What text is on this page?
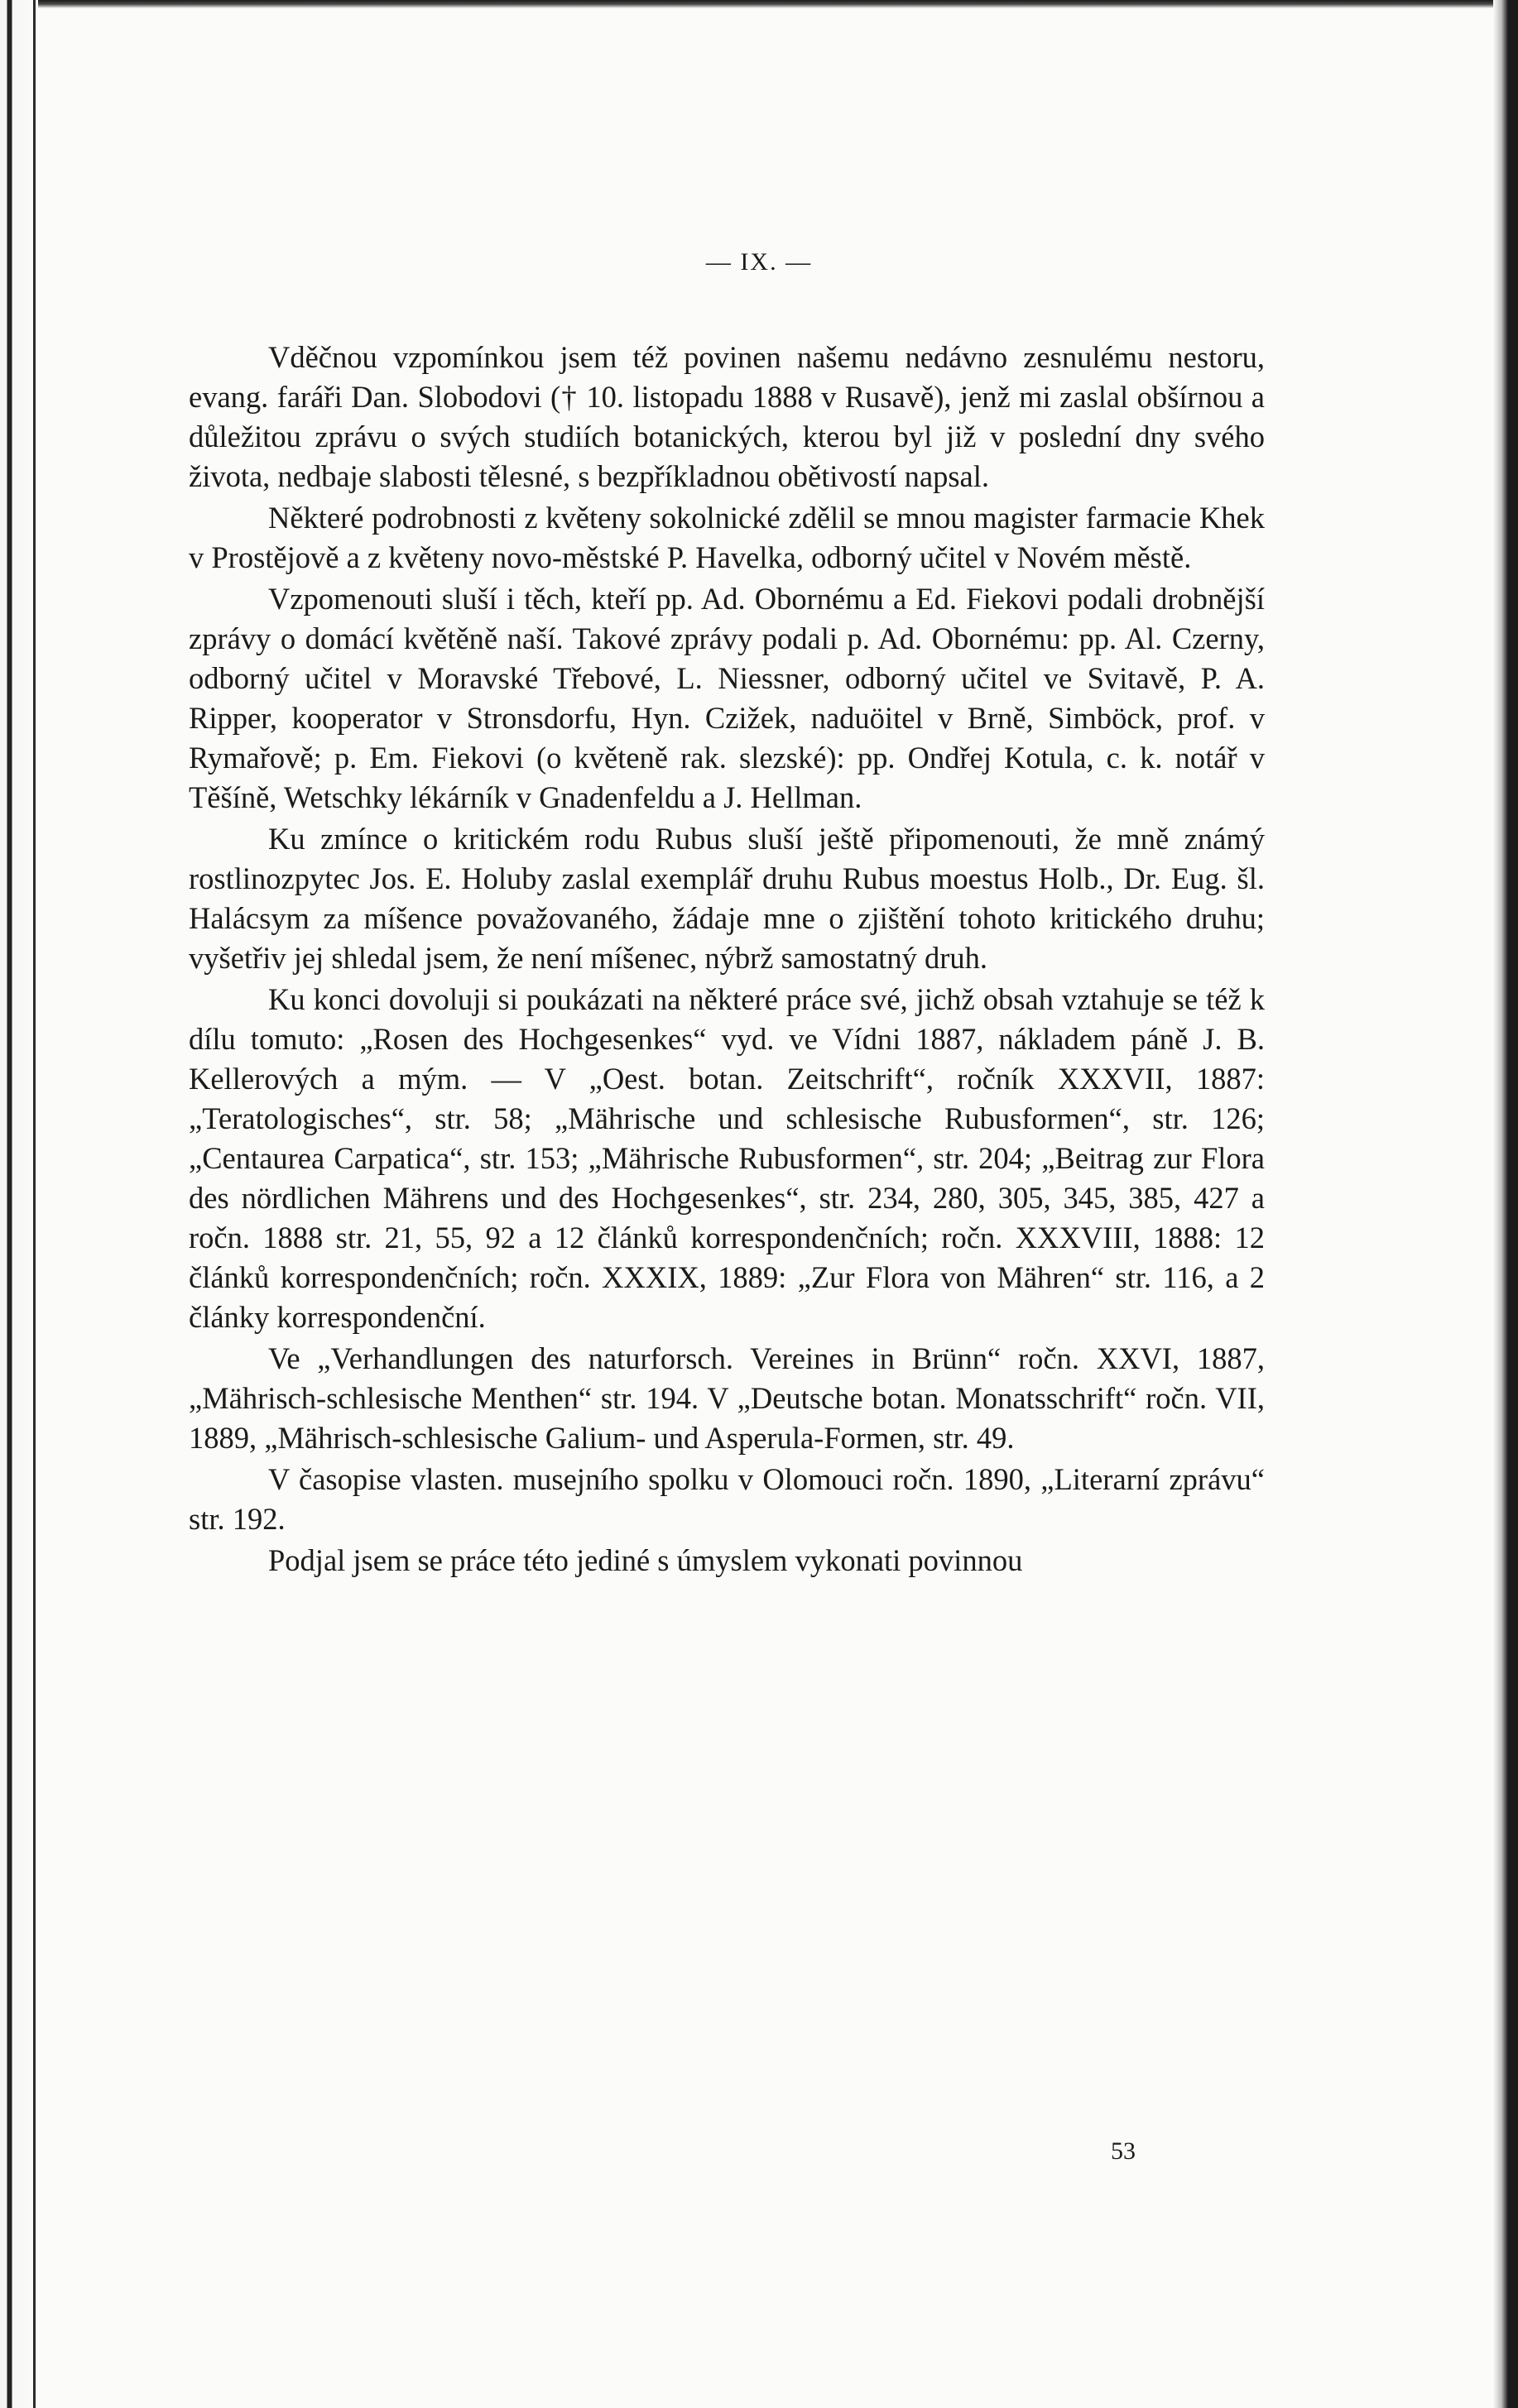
— IX. —

Vděčnou vzpomínkou jsem též povinen našemu nedávno zesnulému nestoru, evang. faráři Dan. Slobodovi († 10. listopadu 1888 v Rusavě), jenž mi zaslal obšírnou a důležitou zprávu o svých studiích botanických, kterou byl již v poslední dny svého života, nedbaje slabosti tělesné, s bezpříkladnou obětivostí napsal.

Některé podrobnosti z květeny sokolnické zdělil se mnou magister farmacie Khek v Prostějově a z květeny novo-městské P. Havelka, odborný učitel v Novém městě.

Vzpomenouti sluší i těch, kteří pp. Ad. Obornému a Ed. Fiekovi podali drobnější zprávy o domácí květěně naší. Takové zprávy podali p. Ad. Obornému: pp. Al. Czerny, odborný učitel v Moravské Třebové, L. Niessner, odborný učitel ve Svitavě, P. A. Ripper, kooperator v Stronsdorfu, Hyn. Czižek, naduöitel v Brně, Simböck, prof. v Rymařově; p. Em. Fiekovi (o květeně rak. slezské): pp. Ondřej Kotula, c. k. notář v Těšíně, Wetschky lékárník v Gnadenfeldu a J. Hellman.

Ku zmínce o kritickém rodu Rubus sluší ještě připomenouti, že mně známý rostlinozpytec Jos. E. Holuby zaslal exemplář druhu Rubus moestus Holb., Dr. Eug. šl. Halácsym za míšence považovaného, žádaje mne o zjištění tohoto kritického druhu; vyšetřiv jej shledal jsem, že není míšenec, nýbrž samostatný druh.

Ku konci dovoluji si poukázati na některé práce své, jichž obsah vztahuje se též k dílu tomuto: „Rosen des Hochgesenkes“ vyd. ve Vídni 1887, nákladem páně J. B. Kellerových a mým. — V „Oest. botan. Zeitschrift“, ročník XXXVII, 1887: „Teratologisches“, str. 58; „Mährische und schlesische Rubusformen“, str. 126; „Centaurea Carpatica“, str. 153; „Mährische Rubusformen“, str. 204; „Beitrag zur Flora des nördlichen Mährens und des Hochgesenkes“, str. 234, 280, 305, 345, 385, 427 a ročn. 1888 str. 21, 55, 92 a 12 článků korrespondenčních; ročn. XXXVIII, 1888: 12 článků korrespondenčních; ročn. XXXIX, 1889: „Zur Flora von Mähren“ str. 116, a 2 články korrespondenční.

Ve „Verhandlungen des naturforsch. Vereines in Brünn“ ročn. XXVI, 1887, „Mährisch-schlesische Menthen“ str. 194. V „Deutsche botan. Monatsschrift“ ročn. VII, 1889, „Mährisch-schlesische Galium- und Asperula-Formen, str. 49.

V časopise vlasten. musejního spolku v Olomouci ročn. 1890, „Literarní zprávu“ str. 192.

Podjal jsem se práce této jediné s úmyslem vykonati povinnou

53
